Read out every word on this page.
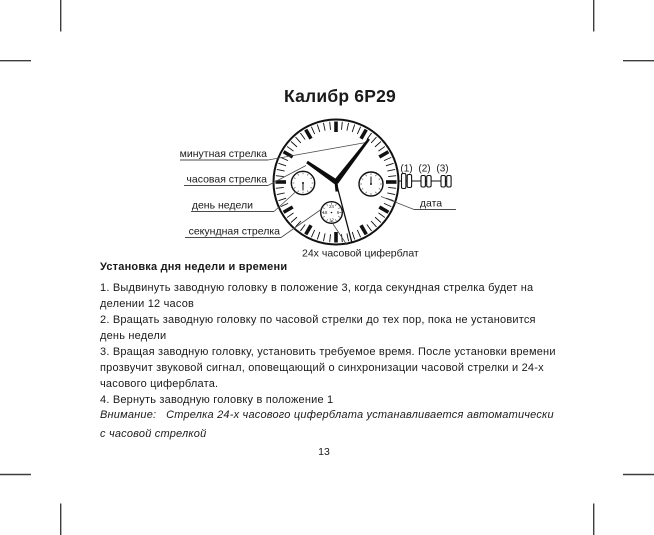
24
6
12
18
(1) (2) (3)
минутная стрелка
часовая стрелка
день недели
секундная стрелка
дата
24х часовой циферблат
Калибр 6Р29
Установка дня недели и времени
1. Выдвинуть заводную головку в положение 3, когда секундная стрелка будет на
делении 12 часов
2. Вращать заводную головку по часовой стрелки до тех пор, пока не установится
день недели
3. Вращая заводную головку, установить требуемое время. После установки времени
прозвучит звуковой сигнал, оповещающий о синхронизации часовой стрелки и 24-х
часового циферблата.
4. Вернуть заводную головку в положение 1
Внимание:   Стрелка 24-х часового циферблата устанавливается автоматически
с часовой стрелкой
13
